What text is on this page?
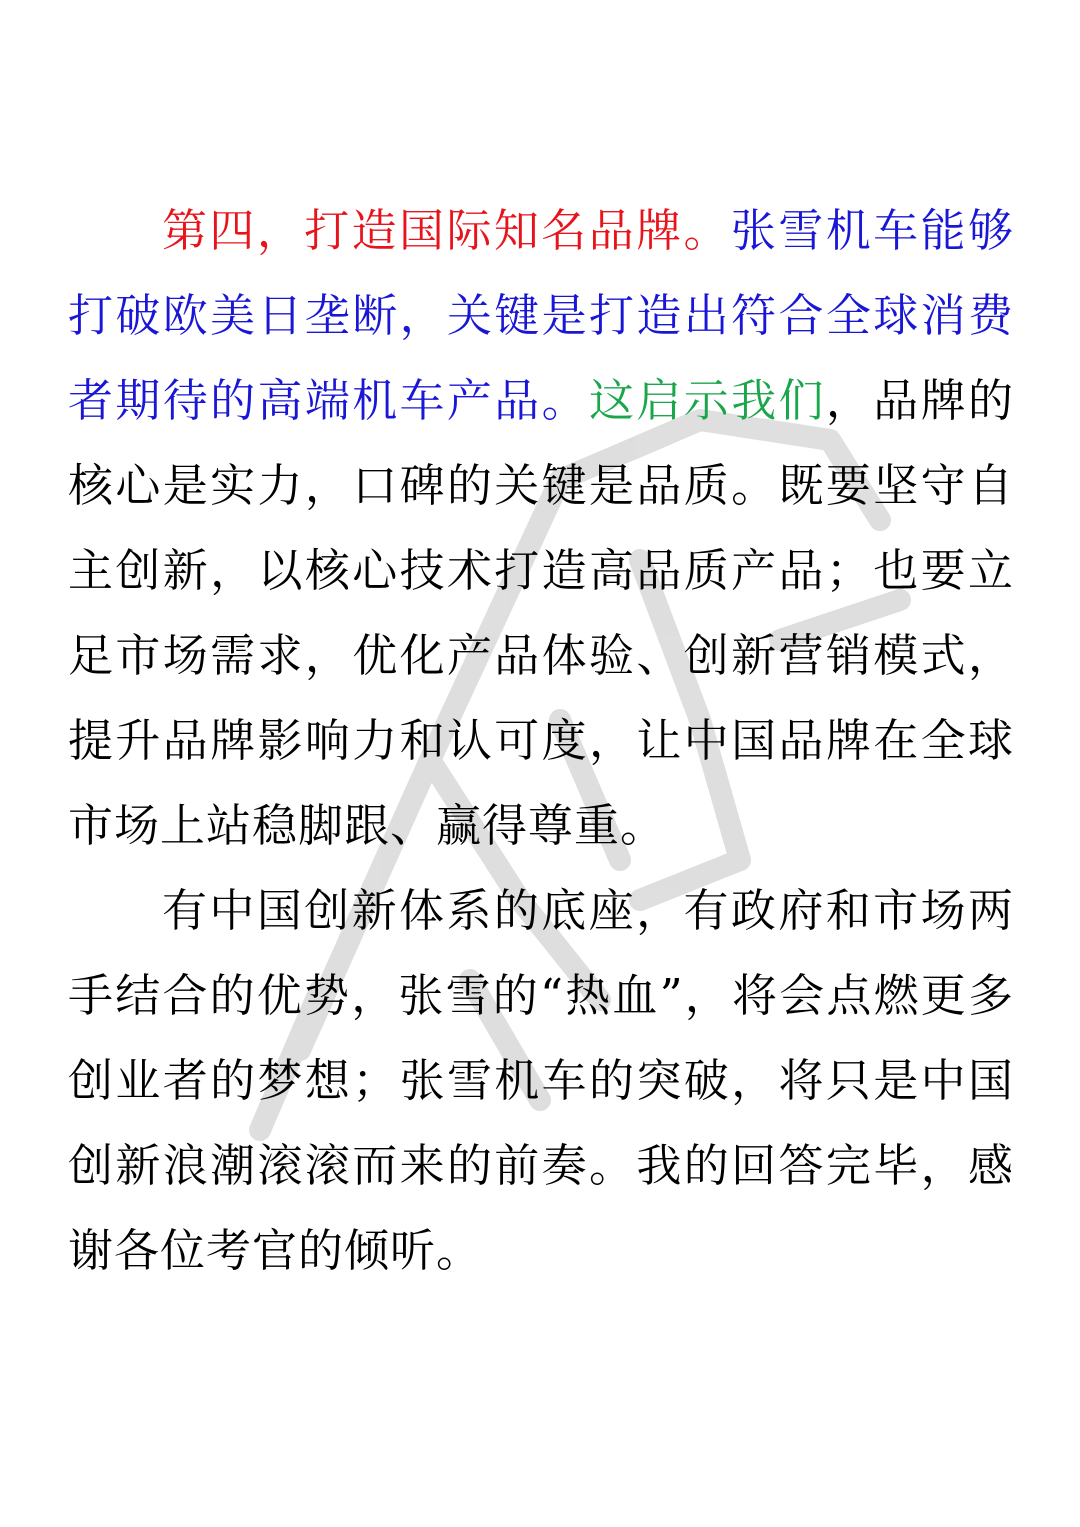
第四，打造国际知名品牌。张雪机车能够打破欧美日垄断，关键是打造出符合全球消费者期待的高端机车产品。这启示我们，品牌的核心是实力，口碑的关键是品质。既要坚守自主创新，以核心技术打造高品质产品；也要立足市场需求，优化产品体验、创新营销模式，提升品牌影响力和认可度，让中国品牌在全球市场上站稳脚跟、赢得尊重。
有中国创新体系的底座，有政府和市场两手结合的优势，张雪的“热血”，将会点燃更多创业者的梦想；张雪机车的突破，将只是中国创新浪潮滚滚而来的前奏。我的回答完毕，感谢各位考官的倾听。
